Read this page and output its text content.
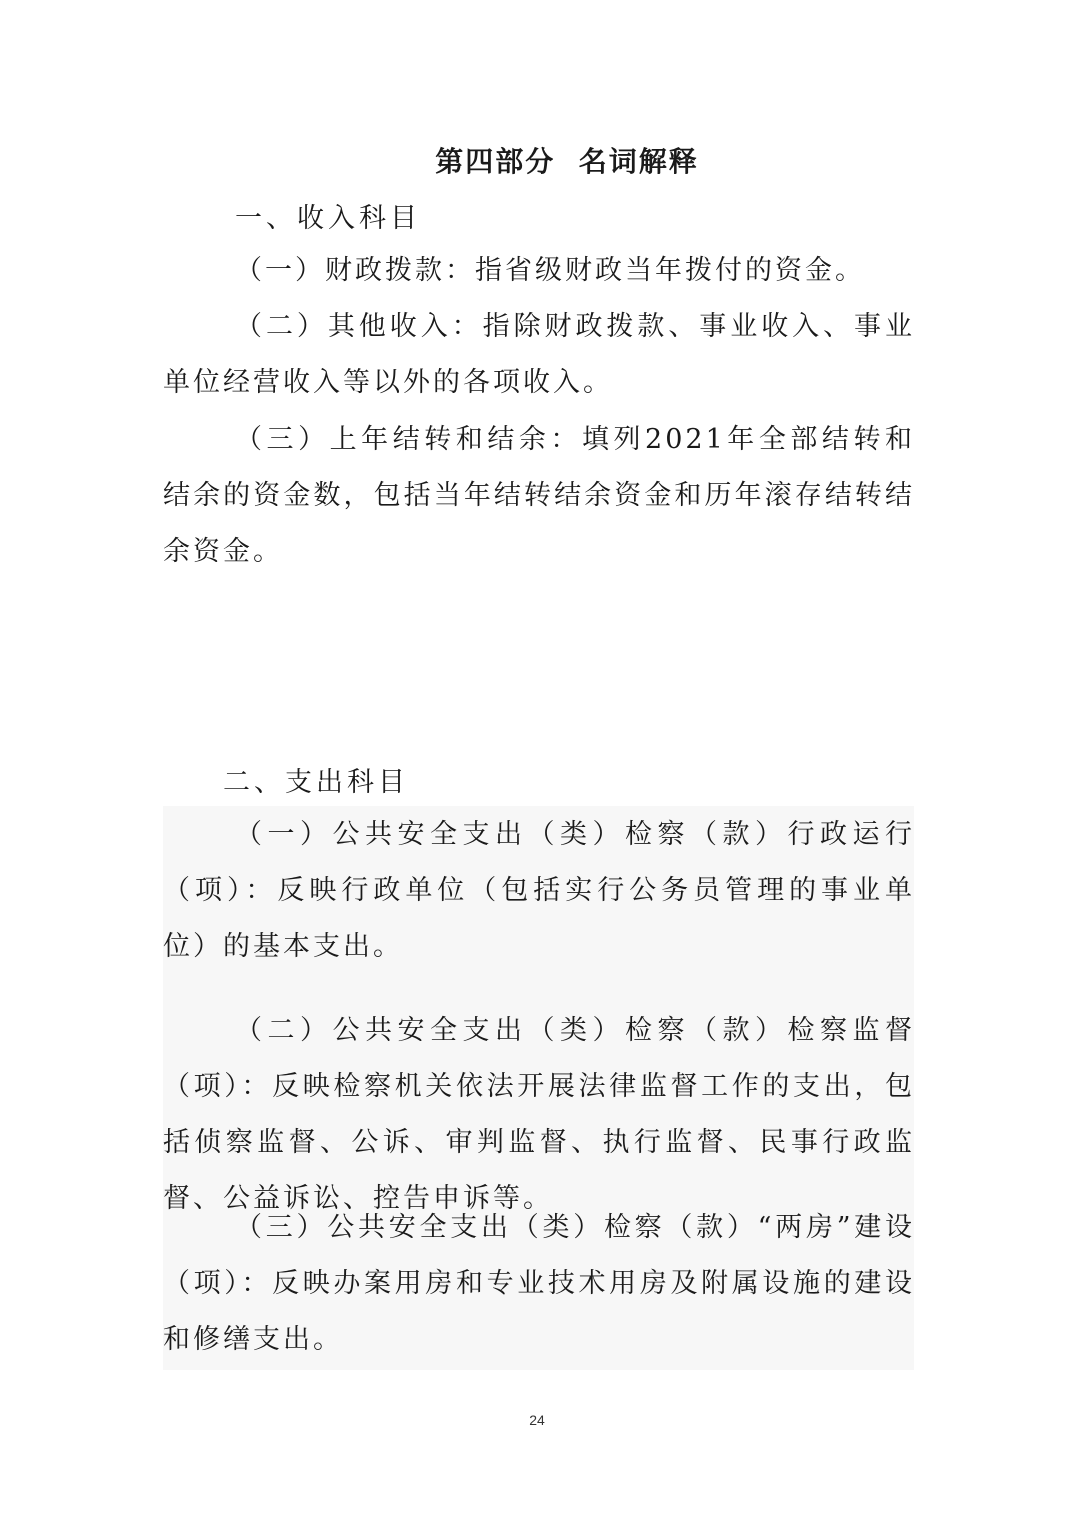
第四部分  名词解释
一、收入科目

（一）财政拨款：指省级财政当年拨付的资金。

（二）其他收入：指除财政拨款、事业收入、事业单位经营收入等以外的各项收入。

（三）上年结转和结余：填列2021年全部结转和结余的资金数，包括当年结转结余资金和历年滚存结转结余资金。

二、支出科目

（一）公共安全支出（类）检察（款）行政运行（项）：反映行政单位（包括实行公务员管理的事业单位）的基本支出。

（二）公共安全支出（类）检察（款）检察监督（项）：反映检察机关依法开展法律监督工作的支出，包括侦察监督、公诉、审判监督、执行监督、民事行政监督、公益诉讼、控告申诉等。

（三）公共安全支出（类）检察（款）“两房”建设（项）：反映办案用房和专业技术用房及附属设施的建设和修缮支出。

24
